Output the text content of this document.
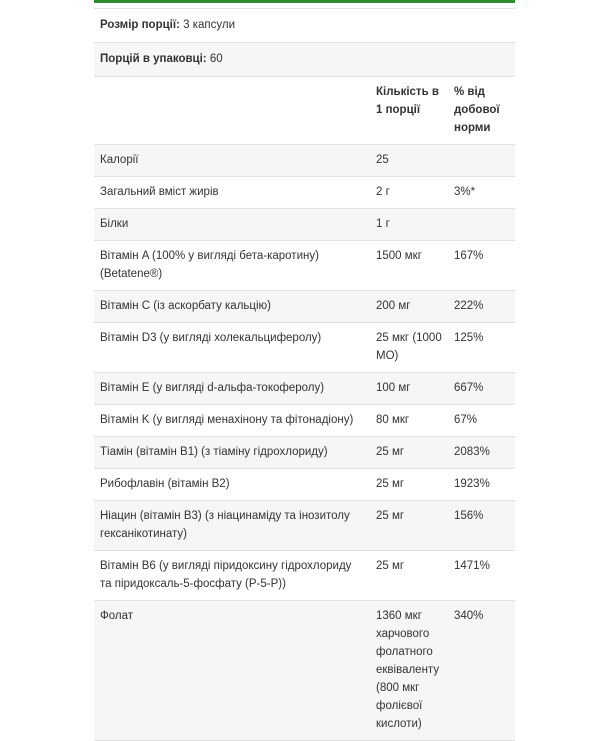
Розмір порції: 3 капсули		
Порцій в упаковці: 60		
	Кількість в 1 порції	% від добової норми
Калорії	25	
Загальний вміст жирів	2 г	3%*
Білки	1 г	
Вітамін A (100% у вигляді бета-каротину) (Betatene®)	1500 мкг	167%
Вітамін C (із аскорбату кальцію)	200 мг	222%
Вітамін D3 (у вигляді холекальциферолу)	25 мкг (1000 МО)	125%
Вітамін E (у вигляді d-альфа-токоферолу)	100 мг	667%
Вітамін K (у вигляді менахінону та фітонадіону)	80 мкг	67%
Тіамін (вітамін B1) (з тіаміну гідрохлориду)	25 мг	2083%
Рибофлавін (вітамін B2)	25 мг	1923%
Ніацин (вітамін B3) (з ніацинаміду та інозитолу гексанікотинату)	25 мг	156%
Вітамін B6 (у вигляді піридоксину гідрохлориду та піридоксаль-5-фосфату (P-5-P))	25 мг	1471%
Фолат	1360 мкг харчового фолатного еквіваленту (800 мкг фолієвої кислоти)	340%
